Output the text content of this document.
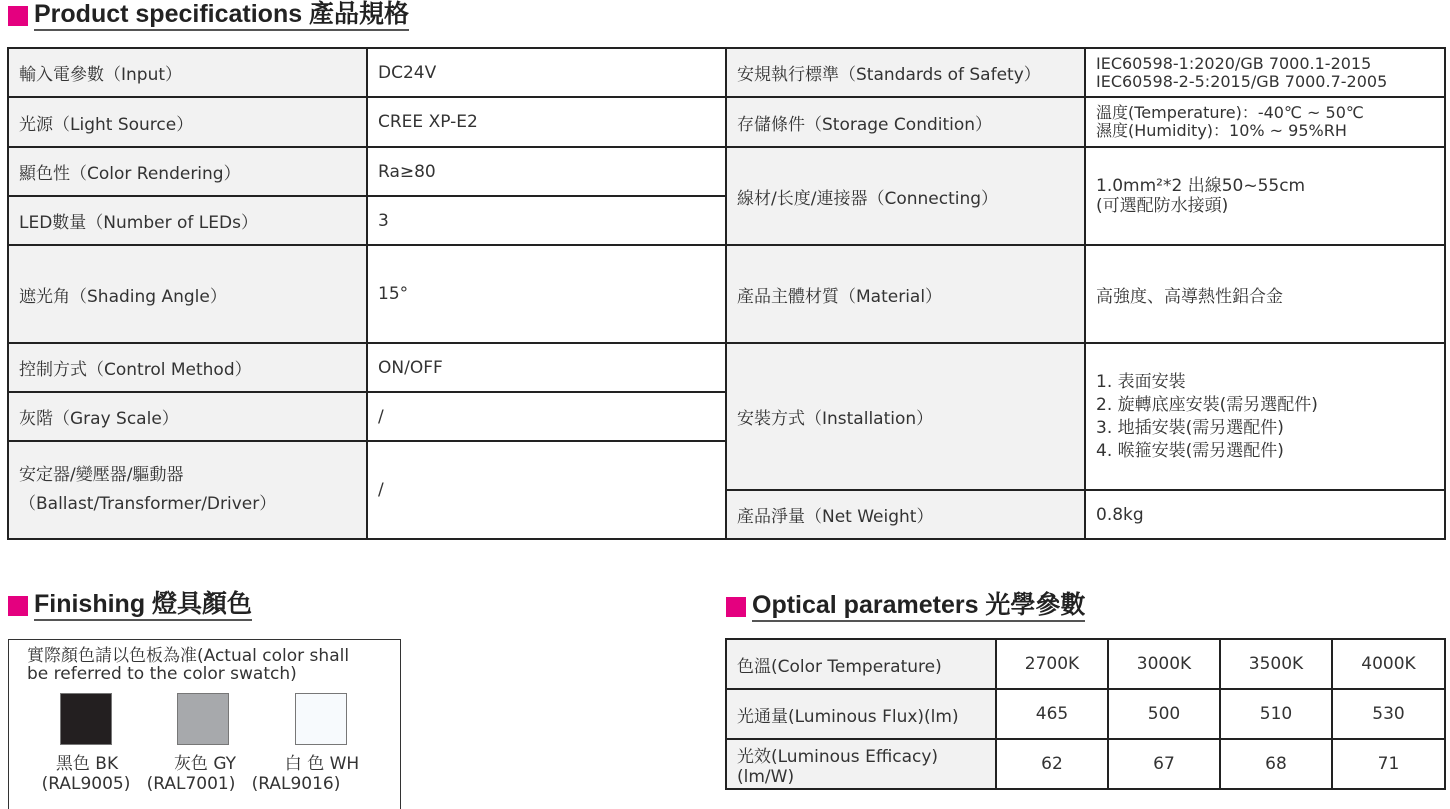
Product specifications 產品規格
輸入電參數（Input）	DC24V	安規執行標準（Standards of Safety）	IEC60598-1:2020/GB 7000.1-2015
IEC60598-2-5:2015/GB 7000.7-2005

光源（Light Source）	CREE XP-E2	存儲條件（Storage Condition）	溫度(Temperature)：-40℃ ~ 50℃
濕度(Humidity)：10% ~ 95%RH

顯色性（Color Rendering）	Ra≥80	線材/长度/連接器（Connecting）	1.0mm²*2 出線50~55cm
(可選配防水接頭)

LED數量（Number of LEDs）	3		
遮光角（Shading Angle）	15°	產品主體材質（Material）	高強度、高導熱性鋁合金
控制方式（Control Method）	ON/OFF	安裝方式（Installation）	1. 表面安裝
2. 旋轉底座安裝(需另選配件)
3. 地插安裝(需另選配件)
4. 喉箍安裝(需另選配件)

灰階（Gray Scale）	/		

安定器/變壓器/驅動器
（Ballast/Transformer/Driver）	/		
		產品淨量（Net Weight）	0.8kg
Finishing 燈具顏色
實際顏色請以色板為准(Actual color shall
be referred to the color swatch)
黑色 BK	灰色 GY	白 色 WH
(RAL9005) (RAL7001) (RAL9016)
Optical parameters 光學參數
色溫(Color Temperature)	2700K	3000K	3500K	4000K
光通量(Luminous Flux)(lm)	465	500	510	530
光效(Luminous Efficacy)(lm/W)	62	67	68	71
